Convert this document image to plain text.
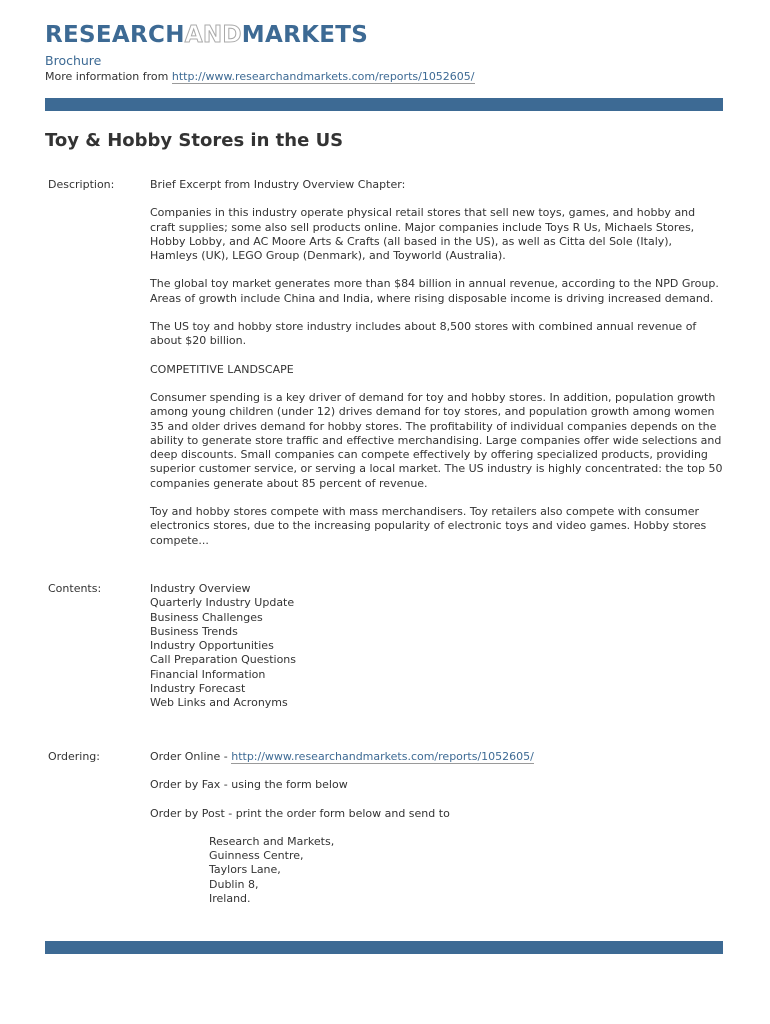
RESEARCHANDMARKETS
Brochure
More information from http://www.researchandmarkets.com/reports/1052605/
Toy & Hobby Stores in the US
Description:	Brief Excerpt from Industry Overview Chapter:

Companies in this industry operate physical retail stores that sell new toys, games, and hobby and craft supplies; some also sell products online. Major companies include Toys R Us, Michaels Stores, Hobby Lobby, and AC Moore Arts & Crafts (all based in the US), as well as Citta del Sole (Italy), Hamleys (UK), LEGO Group (Denmark), and Toyworld (Australia).

The global toy market generates more than $84 billion in annual revenue, according to the NPD Group. Areas of growth include China and India, where rising disposable income is driving increased demand.

The US toy and hobby store industry includes about 8,500 stores with combined annual revenue of about $20 billion.

COMPETITIVE LANDSCAPE

Consumer spending is a key driver of demand for toy and hobby stores. In addition, population growth among young children (under 12) drives demand for toy stores, and population growth among women 35 and older drives demand for hobby stores. The profitability of individual companies depends on the ability to generate store traffic and effective merchandising. Large companies offer wide selections and deep discounts. Small companies can compete effectively by offering specialized products, providing superior customer service, or serving a local market. The US industry is highly concentrated: the top 50 companies generate about 85 percent of revenue.

Toy and hobby stores compete with mass merchandisers. Toy retailers also compete with consumer electronics stores, due to the increasing popularity of electronic toys and video games. Hobby stores compete...

Contents:	Industry Overview
Quarterly Industry Update
Business Challenges
Business Trends
Industry Opportunities
Call Preparation Questions
Financial Information
Industry Forecast
Web Links and Acronyms
Ordering:	Order Online - http://www.researchandmarkets.com/reports/1052605/

Order by Fax - using the form below

Order by Post - print the order form below and send to

Research and Markets,
Guinness Centre,
Taylors Lane,
Dublin 8,
Ireland.
